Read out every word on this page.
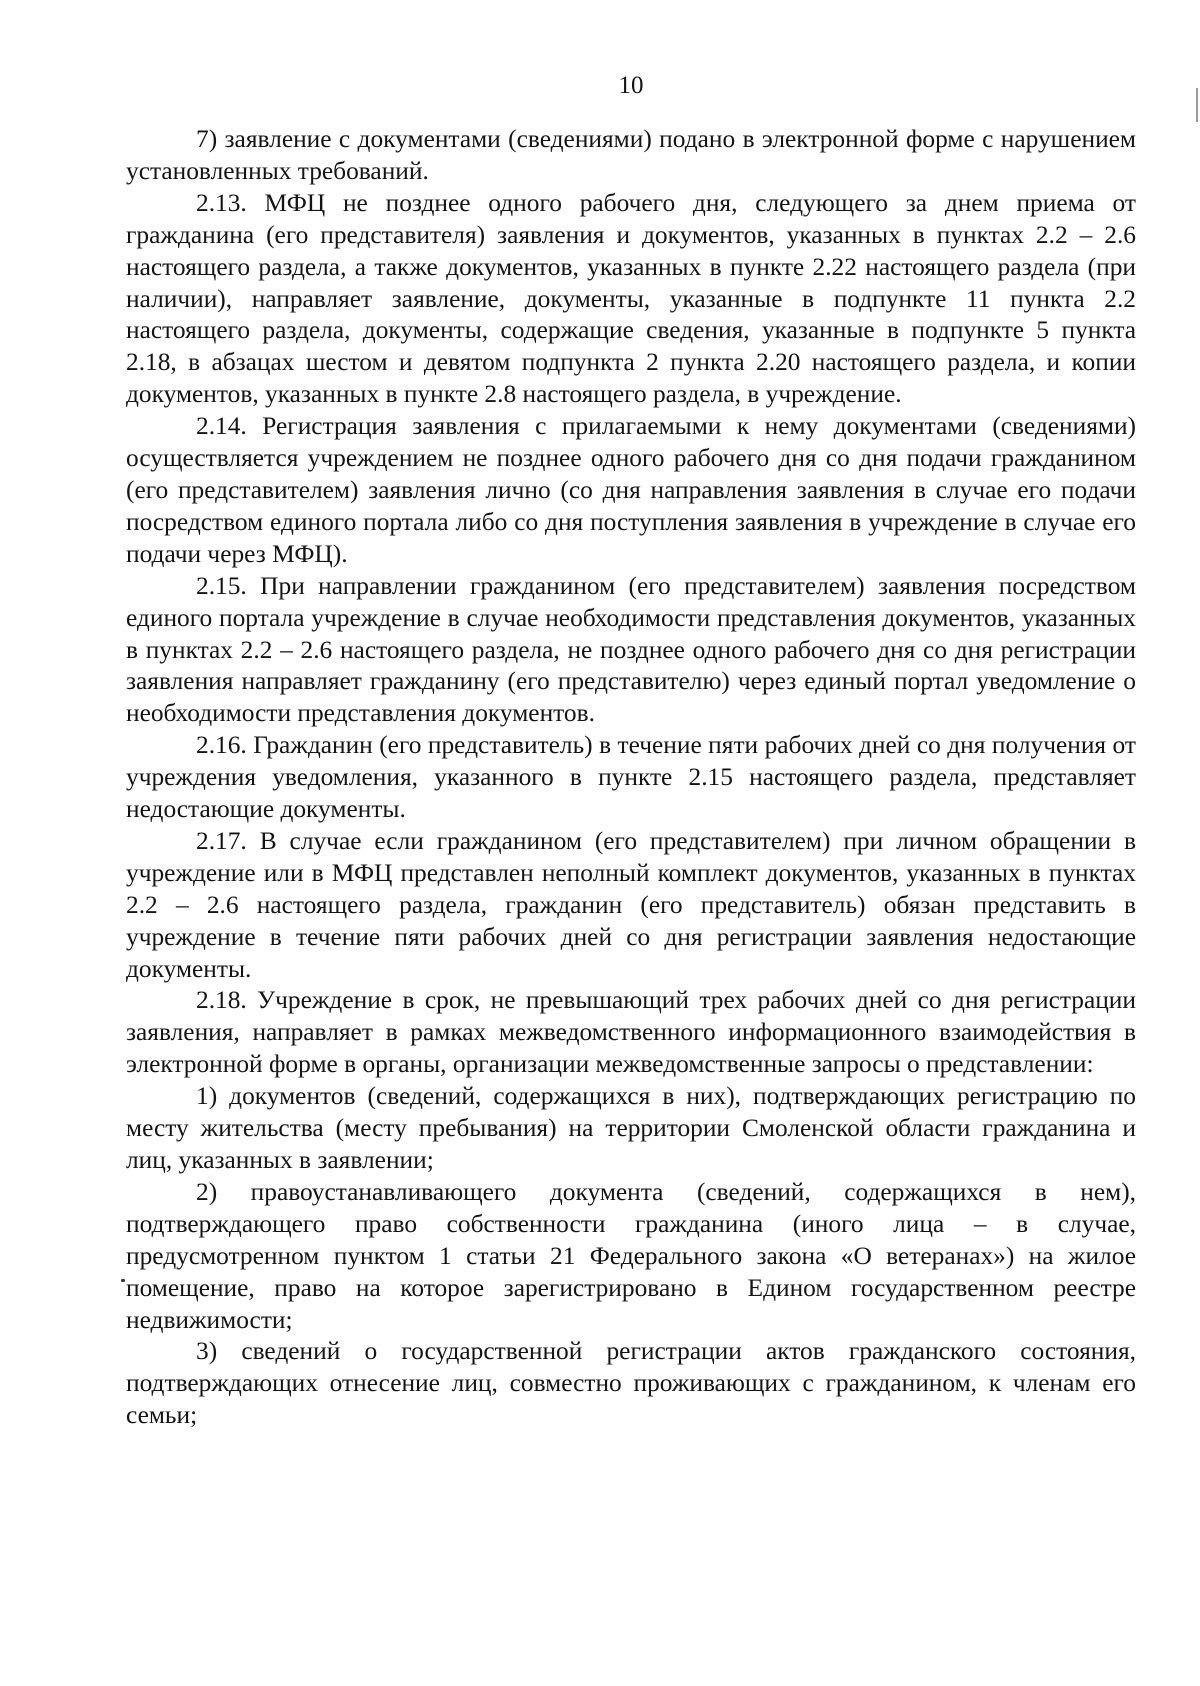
10

7) заявление с документами (сведениями) подано в электронной форме с нарушением установленных требований.

2.13. МФЦ не позднее одного рабочего дня, следующего за днем приема от гражданина (его представителя) заявления и документов, указанных в пунктах 2.2 – 2.6 настоящего раздела, а также документов, указанных в пункте 2.22 настоящего раздела (при наличии), направляет заявление, документы, указанные в подпункте 11 пункта 2.2 настоящего раздела, документы, содержащие сведения, указанные в подпункте 5 пункта 2.18, в абзацах шестом и девятом подпункта 2 пункта 2.20 настоящего раздела, и копии документов, указанных в пункте 2.8 настоящего раздела, в учреждение.

2.14. Регистрация заявления с прилагаемыми к нему документами (сведениями) осуществляется учреждением не позднее одного рабочего дня со дня подачи гражданином (его представителем) заявления лично (со дня направления заявления в случае его подачи посредством единого портала либо со дня поступления заявления в учреждение в случае его подачи через МФЦ).

2.15. При направлении гражданином (его представителем) заявления посредством единого портала учреждение в случае необходимости представления документов, указанных в пунктах 2.2 – 2.6 настоящего раздела, не позднее одного рабочего дня со дня регистрации заявления направляет гражданину (его представителю) через единый портал уведомление о необходимости представления документов.

2.16. Гражданин (его представитель) в течение пяти рабочих дней со дня получения от учреждения уведомления, указанного в пункте 2.15 настоящего раздела, представляет недостающие документы.

2.17. В случае если гражданином (его представителем) при личном обращении в учреждение или в МФЦ представлен неполный комплект документов, указанных в пунктах 2.2 – 2.6 настоящего раздела, гражданин (его представитель) обязан представить в учреждение в течение пяти рабочих дней со дня регистрации заявления недостающие документы.

2.18. Учреждение в срок, не превышающий трех рабочих дней со дня регистрации заявления, направляет в рамках межведомственного информационного взаимодействия в электронной форме в органы, организации межведомственные запросы о представлении:

1) документов (сведений, содержащихся в них), подтверждающих регистрацию по месту жительства (месту пребывания) на территории Смоленской области гражданина и лиц, указанных в заявлении;

2) правоустанавливающего документа (сведений, содержащихся в нем), подтверждающего право собственности гражданина (иного лица – в случае, предусмотренном пунктом 1 статьи 21 Федерального закона «О ветеранах») на жилое помещение, право на которое зарегистрировано в Едином государственном реестре недвижимости;

3) сведений о государственной регистрации актов гражданского состояния, подтверждающих отнесение лиц, совместно проживающих с гражданином, к членам его семьи;
